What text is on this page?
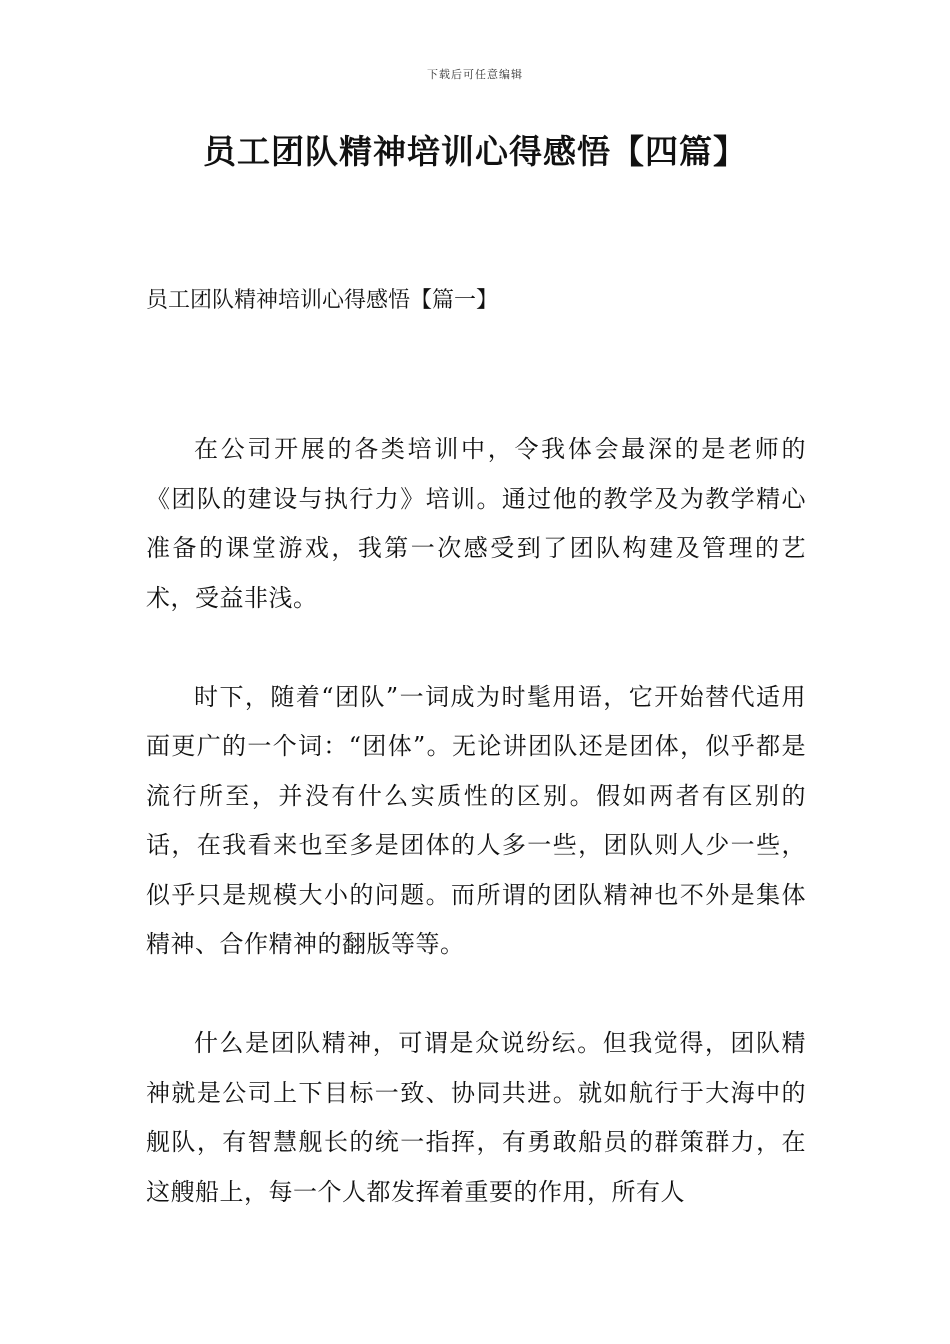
下载后可任意编辑
员工团队精神培训心得感悟【四篇】
员工团队精神培训心得感悟【篇一】

在公司开展的各类培训中，令我体会最深的是老师的《团队的建设与执行力》培训。通过他的教学及为教学精心准备的课堂游戏，我第一次感受到了团队构建及管理的艺术，受益非浅。

时下，随着“团队”一词成为时髦用语，它开始替代适用面更广的一个词：“团体”。无论讲团队还是团体，似乎都是流行所至，并没有什么实质性的区别。假如两者有区别的话，在我看来也至多是团体的人多一些，团队则人少一些，似乎只是规模大小的问题。而所谓的团队精神也不外是集体精神、合作精神的翻版等等。

什么是团队精神，可谓是众说纷纭。但我觉得，团队精神就是公司上下目标一致、协同共进。就如航行于大海中的舰队，有智慧舰长的统一指挥，有勇敢船员的群策群力，在这艘船上，每一个人都发挥着重要的作用，所有人
